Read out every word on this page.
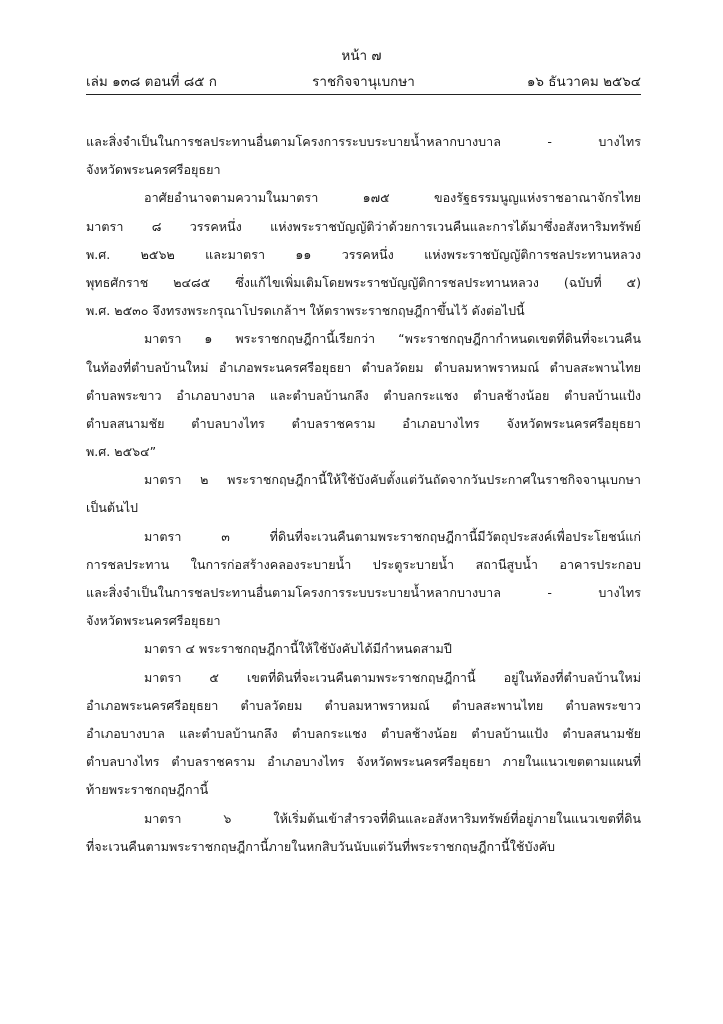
หน้า ๗
เล่ม ๑๓๘ ตอนที่ ๘๕ ก	ราชกิจจานุเบกษา	๑๖ ธันวาคม ๒๕๖๔
และสิ่งจำเป็นในการชลประทานอื่นตามโครงการระบบระบายน้ำหลากบางบาล - บางไทร
จังหวัดพระนครศรีอยุธยา
อาศัยอำนาจตามความในมาตรา ๑๗๕ ของรัฐธรรมนูญแห่งราชอาณาจักรไทย
มาตรา ๘ วรรคหนึ่ง แห่งพระราชบัญญัติว่าด้วยการเวนคืนและการได้มาซึ่งอสังหาริมทรัพย์
พ.ศ. ๒๕๖๒ และมาตรา ๑๑ วรรคหนึ่ง แห่งพระราชบัญญัติการชลประทานหลวง
พุทธศักราช ๒๔๘๕ ซึ่งแก้ไขเพิ่มเติมโดยพระราชบัญญัติการชลประทานหลวง (ฉบับที่ ๕)
พ.ศ. ๒๕๓๐ จึงทรงพระกรุณาโปรดเกล้าฯ ให้ตราพระราชกฤษฎีกาขึ้นไว้ ดังต่อไปนี้
มาตรา ๑ พระราชกฤษฎีกานี้เรียกว่า “พระราชกฤษฎีกากำหนดเขตที่ดินที่จะเวนคืน
ในท้องที่ตำบลบ้านใหม่ อำเภอพระนครศรีอยุธยา ตำบลวัดยม ตำบลมหาพราหมณ์ ตำบลสะพานไทย
ตำบลพระขาว อำเภอบางบาล และตำบลบ้านกลึง ตำบลกระแชง ตำบลช้างน้อย ตำบลบ้านแป้ง
ตำบลสนามชัย ตำบลบางไทร ตำบลราชคราม อำเภอบางไทร จังหวัดพระนครศรีอยุธยา
พ.ศ. ๒๕๖๔”
มาตรา ๒ พระราชกฤษฎีกานี้ให้ใช้บังคับตั้งแต่วันถัดจากวันประกาศในราชกิจจานุเบกษา
เป็นต้นไป
มาตรา ๓ ที่ดินที่จะเวนคืนตามพระราชกฤษฎีกานี้มีวัตถุประสงค์เพื่อประโยชน์แก่
การชลประทาน ในการก่อสร้างคลองระบายน้ำ ประตูระบายน้ำ สถานีสูบน้ำ อาคารประกอบ
และสิ่งจำเป็นในการชลประทานอื่นตามโครงการระบบระบายน้ำหลากบางบาล - บางไทร
จังหวัดพระนครศรีอยุธยา
มาตรา ๔ พระราชกฤษฎีกานี้ให้ใช้บังคับได้มีกำหนดสามปี
มาตรา ๕ เขตที่ดินที่จะเวนคืนตามพระราชกฤษฎีกานี้ อยู่ในท้องที่ตำบลบ้านใหม่
อำเภอพระนครศรีอยุธยา ตำบลวัดยม ตำบลมหาพราหมณ์ ตำบลสะพานไทย ตำบลพระขาว
อำเภอบางบาล และตำบลบ้านกลึง ตำบลกระแชง ตำบลช้างน้อย ตำบลบ้านแป้ง ตำบลสนามชัย
ตำบลบางไทร ตำบลราชคราม อำเภอบางไทร จังหวัดพระนครศรีอยุธยา ภายในแนวเขตตามแผนที่
ท้ายพระราชกฤษฎีกานี้
มาตรา ๖ ให้เริ่มต้นเข้าสำรวจที่ดินและอสังหาริมทรัพย์ที่อยู่ภายในแนวเขตที่ดิน
ที่จะเวนคืนตามพระราชกฤษฎีกานี้ภายในหกสิบวันนับแต่วันที่พระราชกฤษฎีกานี้ใช้บังคับ
